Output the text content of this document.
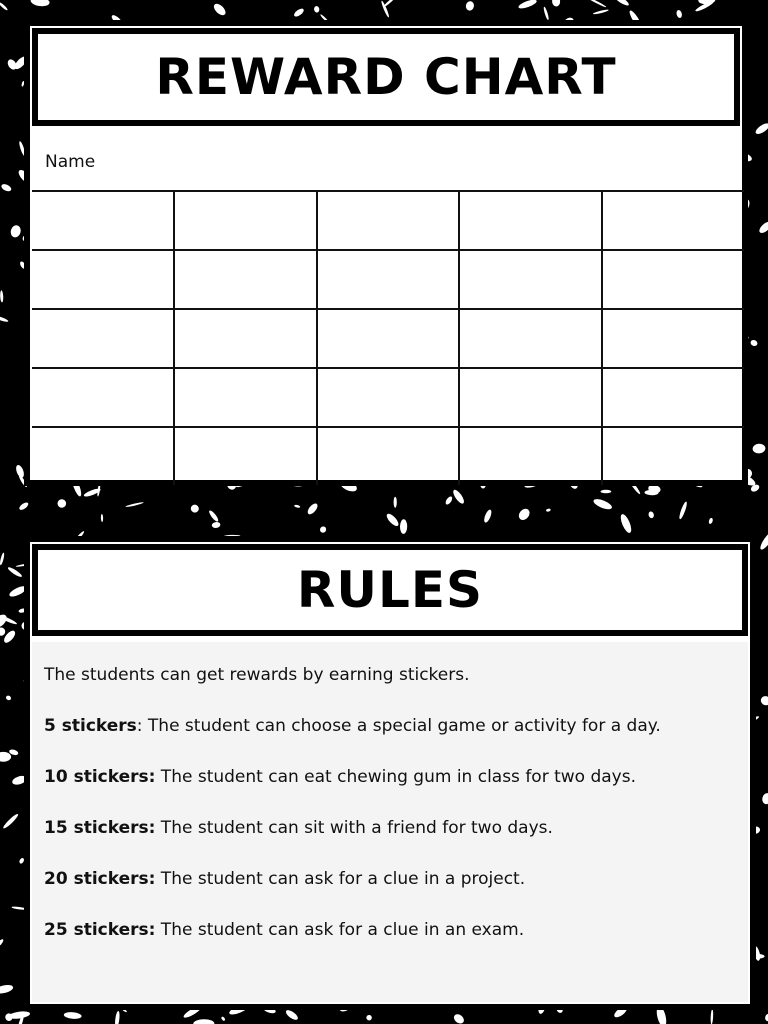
REWARD CHART
Name

RULES

The students can get rewards by earning stickers.

5 stickers: The student can choose a special game or activity for a day.

10 stickers: The student can eat chewing gum in class for two days.

15 stickers: The student can sit with a friend for two days.

20 stickers: The student can ask for a clue in a project.

25 stickers: The student can ask for a clue in an exam.
